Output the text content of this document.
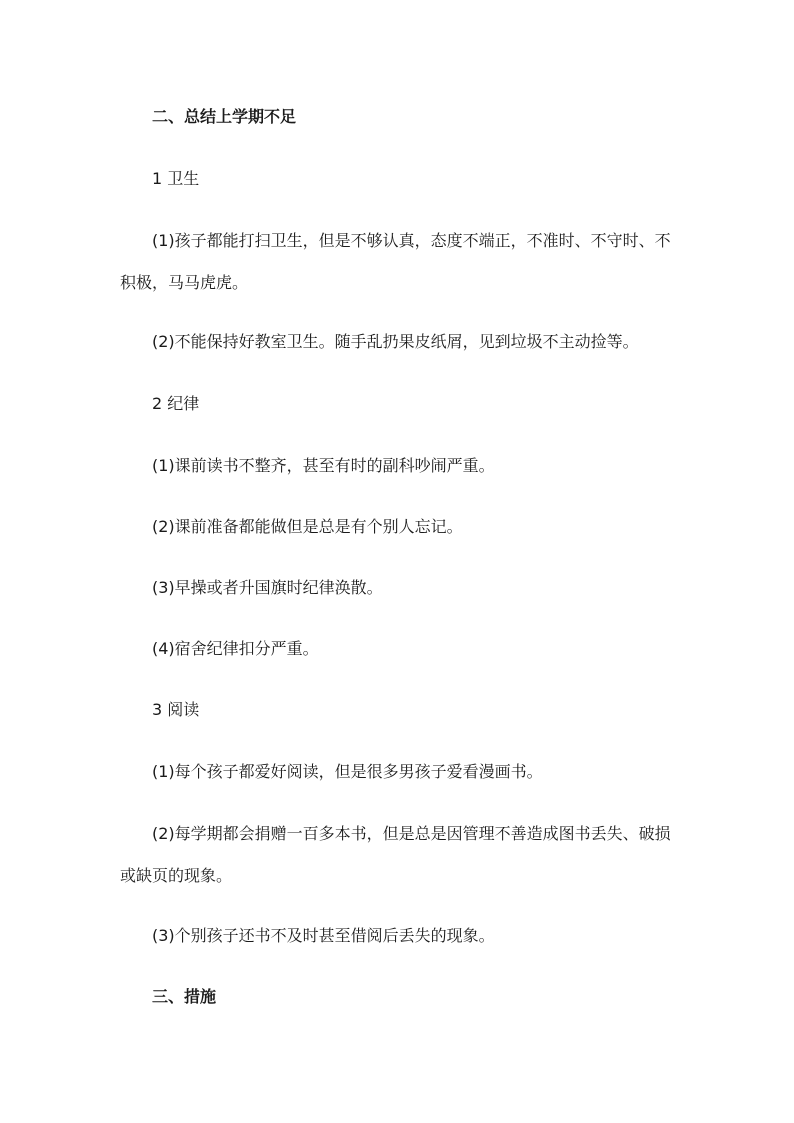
二、总结上学期不足
1 卫生
(1)孩子都能打扫卫生，但是不够认真，态度不端正，不准时、不守时、不积极，马马虎虎。
(2)不能保持好教室卫生。随手乱扔果皮纸屑，见到垃圾不主动捡等。
2 纪律
(1)课前读书不整齐，甚至有时的副科吵闹严重。
(2)课前准备都能做但是总是有个别人忘记。
(3)早操或者升国旗时纪律涣散。
(4)宿舍纪律扣分严重。
3 阅读
(1)每个孩子都爱好阅读，但是很多男孩子爱看漫画书。
(2)每学期都会捐赠一百多本书，但是总是因管理不善造成图书丢失、破损或缺页的现象。
(3)个别孩子还书不及时甚至借阅后丢失的现象。
三、措施
